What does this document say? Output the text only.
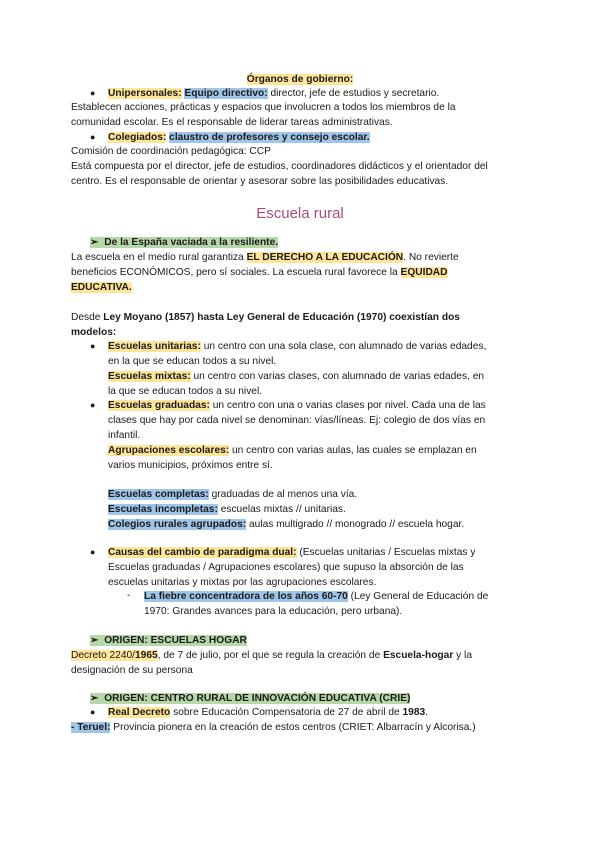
Órganos de gobierno:
● Unipersonales: Equipo directivo: director, jefe de estudios y secretario.
Establecen acciones, prácticas y espacios que involucren a todos los miembros de la
comunidad escolar. Es el responsable de liderar tareas administrativas.
● Colegiados: claustro de profesores y consejo escolar.
Comisión de coordinación pedagógica: CCP
Está compuesta por el director, jefe de estudios, coordinadores didácticos y el orientador del
centro. Es el responsable de orientar y asesorar sobre las posibilidades educativas.
Escuela rural
➢ De la España vaciada a la resiliente.
La escuela en el medio rural garantiza EL DERECHO A LA EDUCACIÓN. No revierte
beneficios ECONÓMICOS, pero sí sociales. La escuela rural favorece la EQUIDAD
EDUCATIVA.
Desde Ley Moyano (1857) hasta Ley General de Educación (1970) coexistían dos
modelos:
● Escuelas unitarias: un centro con una sola clase, con alumnado de varias edades,
en la que se educan todos a su nivel.
Escuelas mixtas: un centro con varias clases, con alumnado de varias edades, en
la que se educan todos a su nivel.
● Escuelas graduadas: un centro con una o varias clases por nivel. Cada una de las
clases que hay por cada nivel se denominan: vías/líneas. Ej: colegio de dos vías en
infantil.
Agrupaciones escolares: un centro con varias aulas, las cuales se emplazan en
varios municipios, próximos entre sí.
Escuelas completas: graduadas de al menos una vía.
Escuelas incompletas: escuelas mixtas // unitarias.
Colegios rurales agrupados: aulas multigrado // monogrado // escuela hogar.
● Causas del cambio de paradigma dual: (Escuelas unitarias / Escuelas mixtas y
Escuelas graduadas / Agrupaciones escolares) que supuso la absorción de las
escuelas unitarias y mixtas por las agrupaciones escolares.
- La fiebre concentradora de los años 60-70 (Ley General de Educación de
1970: Grandes avances para la educación, pero urbana).
➢ ORIGEN: ESCUELAS HOGAR
Decreto 2240/1965, de 7 de julio, por el que se regula la creación de Escuela-hogar y la
designación de su persona
➢ ORIGEN: CENTRO RURAL DE INNOVACIÓN EDUCATIVA (CRIE)
● Real Decreto sobre Educación Compensatoria de 27 de abril de 1983.
- Teruel: Provincia pionera en la creación de estos centros (CRIET: Albarracín y Alcorisa.)
